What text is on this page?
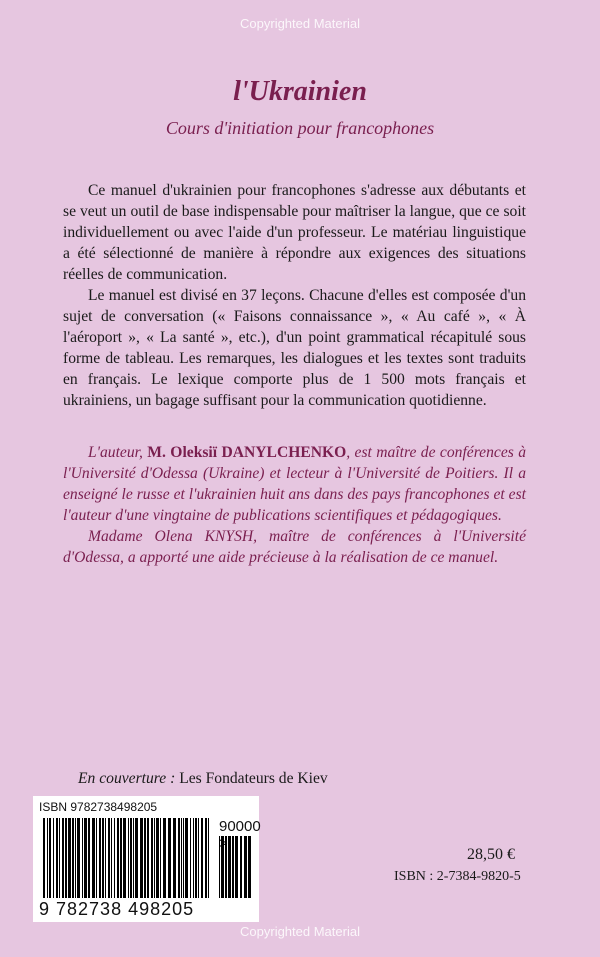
Copyrighted Material
l'Ukrainien
Cours d'initiation pour francophones

Ce manuel d'ukrainien pour francophones s'adresse aux débutants et se veut un outil de base indispensable pour maîtriser la langue, que ce soit individuellement ou avec l'aide d'un professeur. Le matériau linguistique a été sélectionné de manière à répondre aux exigences des situations réelles de communication.

Le manuel est divisé en 37 leçons. Chacune d'elles est composée d'un sujet de conversation (« Faisons connaissance », « Au café », « À l'aéroport », « La santé », etc.), d'un point grammatical récapitulé sous forme de tableau. Les remarques, les dialogues et les textes sont traduits en français. Le lexique comporte plus de 1 500 mots français et ukrainiens, un bagage suffisant pour la communication quotidienne.

L'auteur, M. Oleksiï DANYLCHENKO, est maître de conférences à l'Université d'Odessa (Ukraine) et lecteur à l'Université de Poitiers. Il a enseigné le russe et l'ukrainien huit ans dans des pays francophones et est l'auteur d'une vingtaine de publications scientifiques et pédagogiques.

Madame Olena KNYSH, maître de conférences à l'Université d'Odessa, a apporté une aide précieuse à la réalisation de ce manuel.

En couverture : Les Fondateurs de Kiev
ISBN 9782738498205
90000
9 782738 498205
28,50 €
ISBN : 2-7384-9820-5
Copyrighted Material
